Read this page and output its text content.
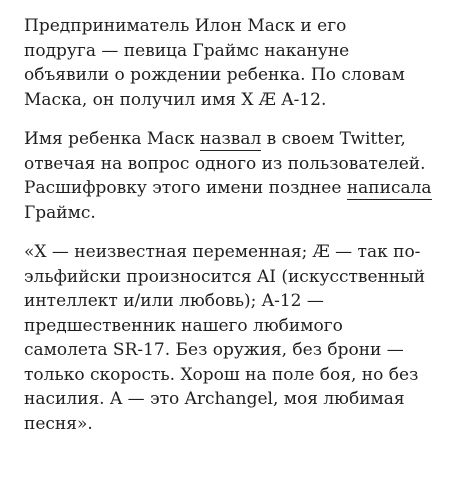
Предприниматель Илон Маск и его
подруга — певица Граймс накануне
объявили о рождении ребенка. По словам
Маска, он получил имя X Æ A-12.

Имя ребенка Маск назвал в своем Twitter,
отвечая на вопрос одного из пользователей.
Расшифровку этого имени позднее написала
Граймс.

«X — неизвестная переменная; Æ — так по-
эльфийски произносится AI (искусственный
интеллект и/или любовь); A-12 —
предшественник нашего любимого
самолета SR-17. Без оружия, без брони —
только скорость. Хорош на поле боя, но без
насилия. A — это Archangel, моя любимая
песня».
